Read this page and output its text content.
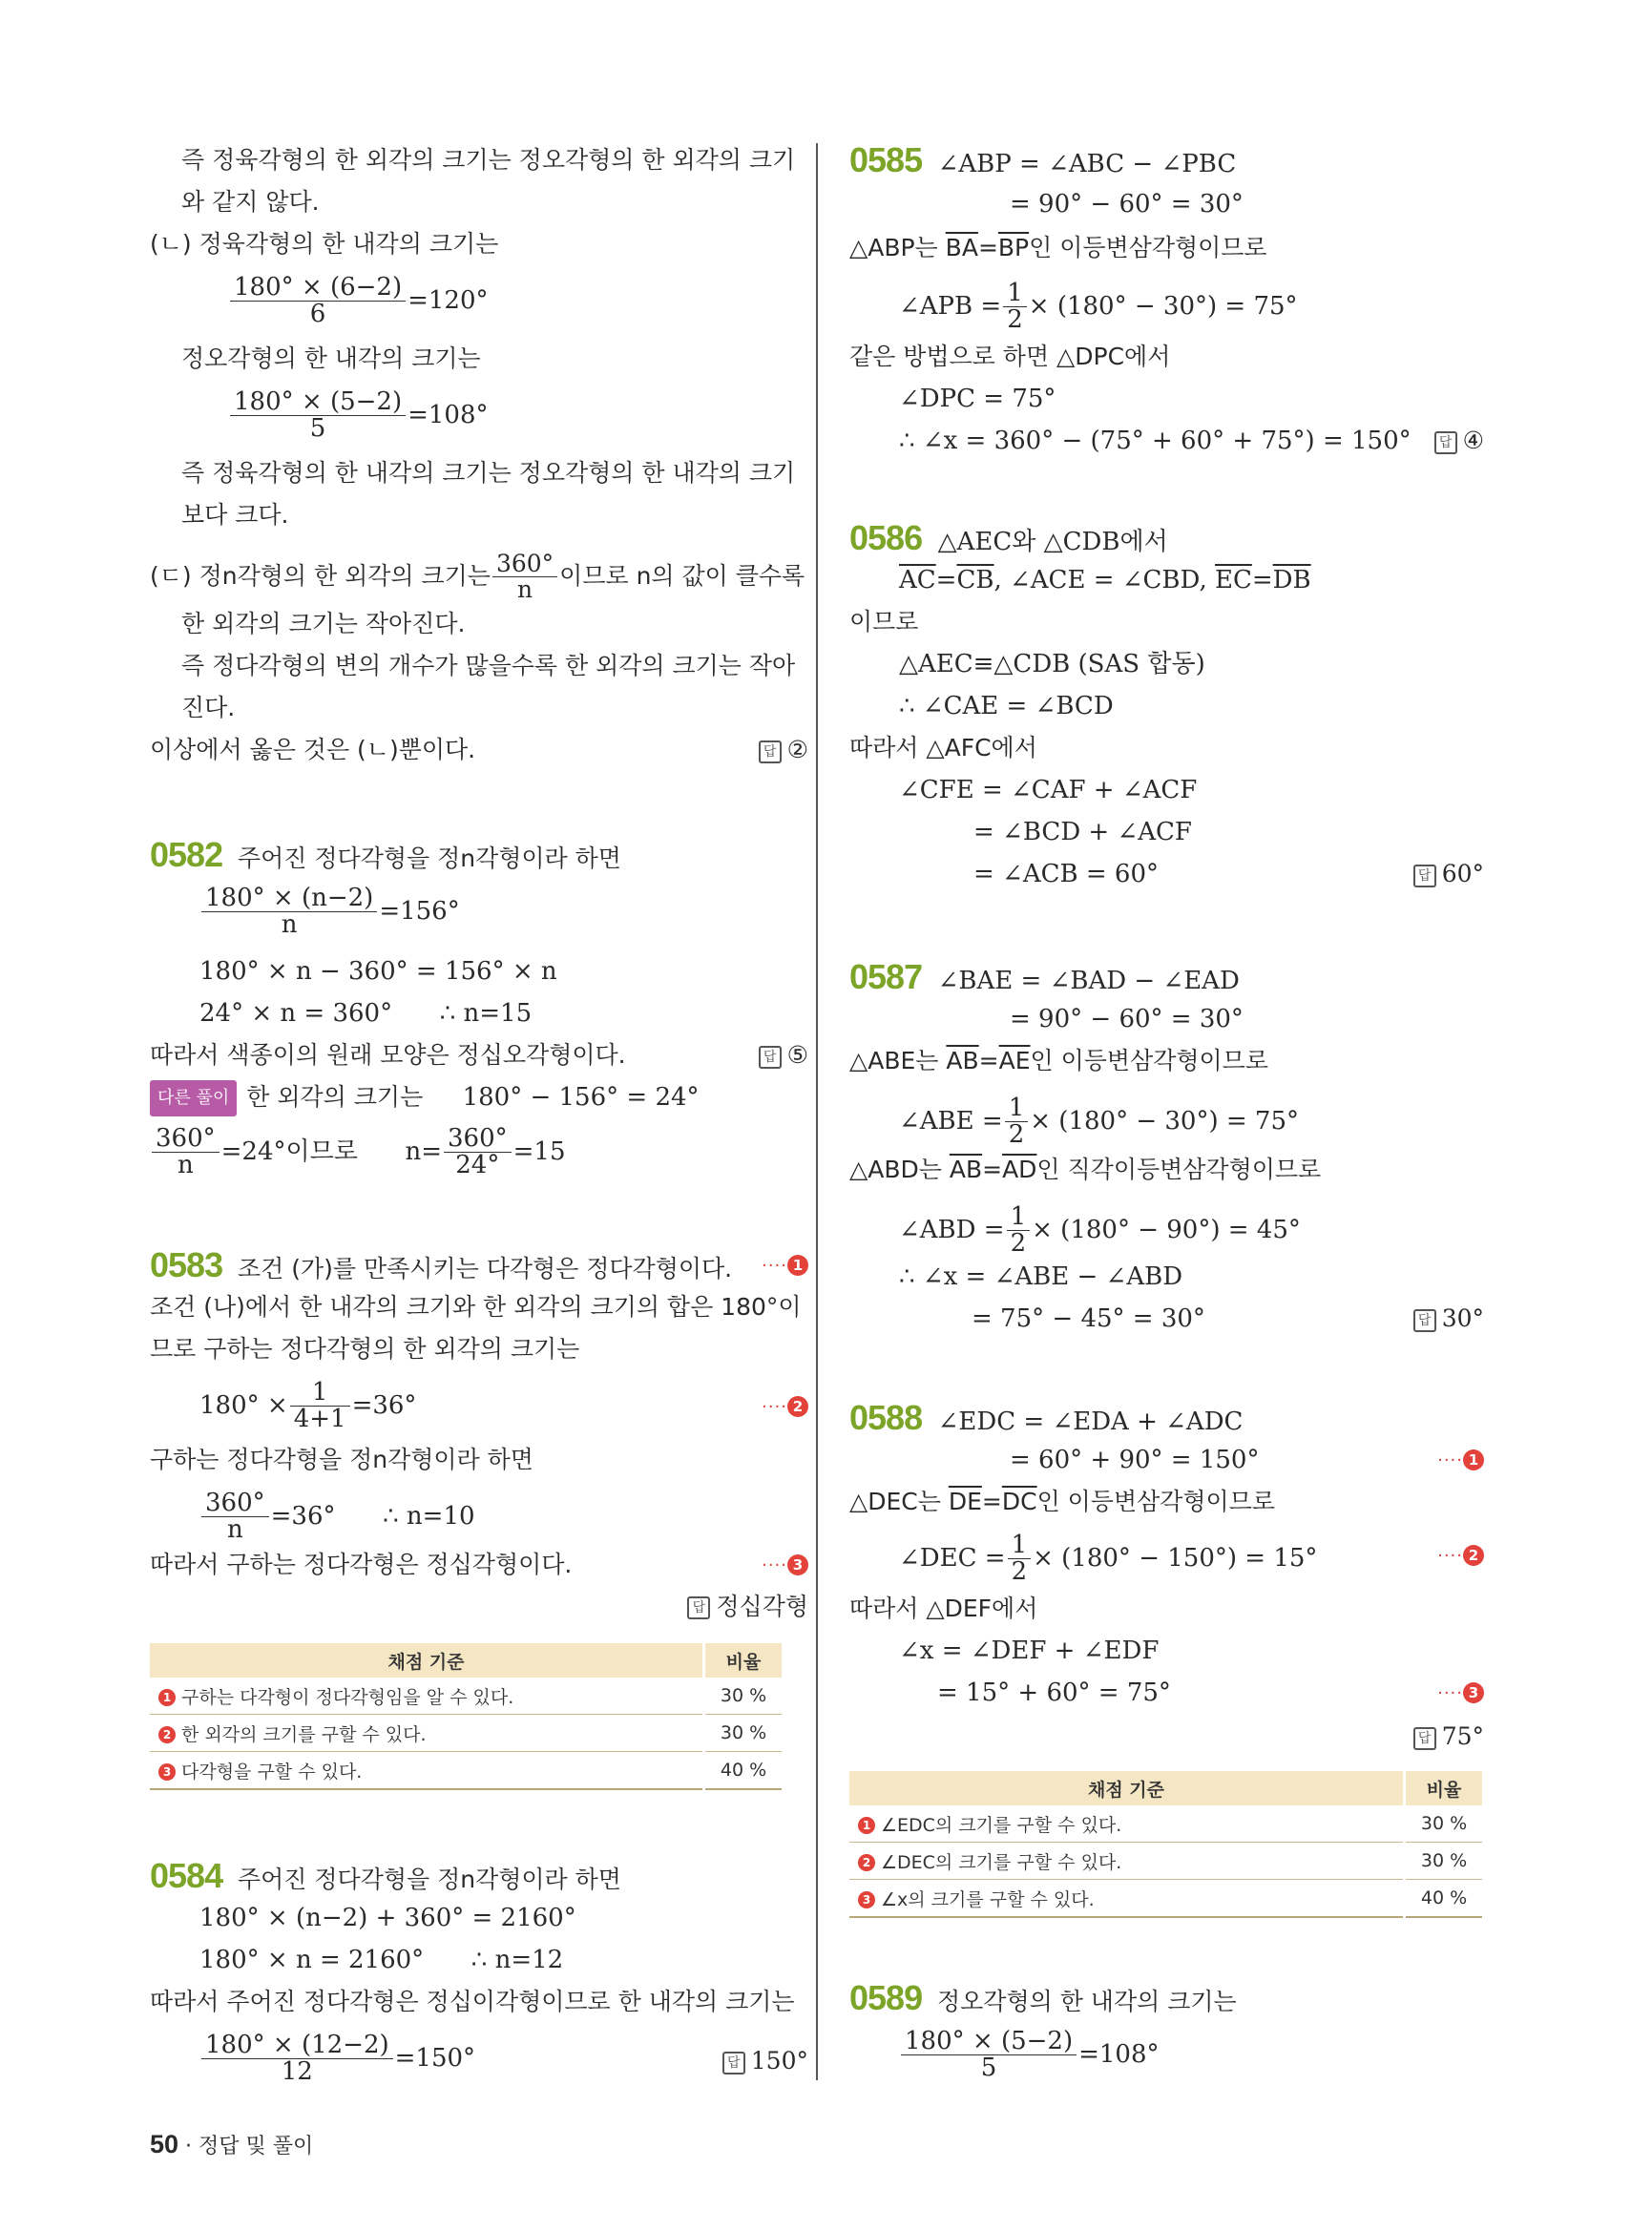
즉 정육각형의 한 외각의 크기는 정오각형의 한 외각의 크기
와 같지 않다.
(ㄴ) 정육각형의 한 내각의 크기는
$\frac{180^\circ \times (6-2)}{6} =120^\circ$
정오각형의 한 내각의 크기는
$\frac{180^\circ \times (5-2)}{5} =108^\circ$
즉 정육각형의 한 내각의 크기는 정오각형의 한 내각의 크기
보다 크다.
(ㄷ) 정n각형의 한 외각의 크기는 $\frac{360^\circ}{n}$ 이므로 n의 값이 클수록
한 외각의 크기는 작아진다.
즉 정다각형의 변의 개수가 많을수록 한 외각의 크기는 작아
진다.
이상에서 옳은 것은 (ㄴ)뿐이다.	답 ②
0582 주어진 정다각형을 정n각형이라 하면
$\frac{180^\circ \times (n-2)}{n} =156^\circ$
180° × n − 360° = 156° × n
24° × n = 360° ∴ n=15
따라서 색종이의 원래 모양은 정십오각형이다.	답 ⑤
다른 풀이 한 외각의 크기는 180° − 156° = 24°
$\frac{360^\circ}{n} =24^\circ$이므로 $n= \frac{360^\circ}{24^\circ} =15$
0583 조건 (가)를 만족시키는 다각형은 정다각형이다. ···· 1
조건 (나)에서 한 내각의 크기와 한 외각의 크기의 합은 180°이
므로 구하는 정다각형의 한 외각의 크기는
$180^\circ \times \frac{1}{4+1} =36^\circ$	···· 2
구하는 정다각형을 정n각형이라 하면
$\frac{360^\circ}{n} =36^\circ$ ∴ n=10
따라서 구하는 정다각형은 정십각형이다.	···· 3
답 정십각형
채점 기준	비율
1 구하는 다각형이 정다각형임을 알 수 있다.	30 %
2 한 외각의 크기를 구할 수 있다.	30 %
3 다각형을 구할 수 있다.	40 %
0584 주어진 정다각형을 정n각형이라 하면
180° × (n−2) + 360° = 2160°
180° × n = 2160° ∴ n=12
따라서 주어진 정다각형은 정십이각형이므로 한 내각의 크기는
$\frac{180^\circ \times (12-2)}{12} =150^\circ$	답 150°
0585 ∠ABP = ∠ABC − ∠PBC
= 90° − 60° = 30°
△ABP는 $\overline{BA}=\overline{BP}$인 이등변삼각형이므로
∠APB = $\frac{1}{2} \times (180^\circ - 30^\circ) = 75^\circ$
같은 방법으로 하면 △DPC에서
∠DPC = 75°
∴ ∠x = 360° − (75° + 60° + 75°) = 150°	답 ④
0586 △AEC와 △CDB에서
$\overline{AC}=\overline{CB}$, ∠ACE = ∠CBD, $\overline{EC}=\overline{DB}$
이므로
△AEC≡△CDB (SAS 합동)
∴ ∠CAE = ∠BCD
따라서 △AFC에서
∠CFE = ∠CAF + ∠ACF
= ∠BCD + ∠ACF
= ∠ACB = 60°	답 60°
0587 ∠BAE = ∠BAD − ∠EAD
= 90° − 60° = 30°
△ABE는 $\overline{AB}=\overline{AE}$인 이등변삼각형이므로
∠ABE = $\frac{1}{2} \times (180^\circ - 30^\circ) = 75^\circ$
△ABD는 $\overline{AB}=\overline{AD}$인 직각이등변삼각형이므로
∠ABD = $\frac{1}{2} \times (180^\circ - 90^\circ) = 45^\circ$
∴ ∠x = ∠ABE − ∠ABD
= 75° − 45° = 30°	답 30°
0588 ∠EDC = ∠EDA + ∠ADC
= 60° + 90° = 150°	···· 1
△DEC는 $\overline{DE}=\overline{DC}$인 이등변삼각형이므로
∠DEC = $\frac{1}{2} \times (180^\circ - 150^\circ) = 15^\circ$	···· 2
따라서 △DEF에서
∠x = ∠DEF + ∠EDF
= 15° + 60° = 75°	···· 3
답 75°
채점 기준	비율
1 ∠EDC의 크기를 구할 수 있다.	30 %
2 ∠DEC의 크기를 구할 수 있다.	30 %
3 ∠x의 크기를 구할 수 있다.	40 %
0589 정오각형의 한 내각의 크기는
$\frac{180^\circ \times (5-2)}{5} =108^\circ$
50 · 정답 및 풀이
